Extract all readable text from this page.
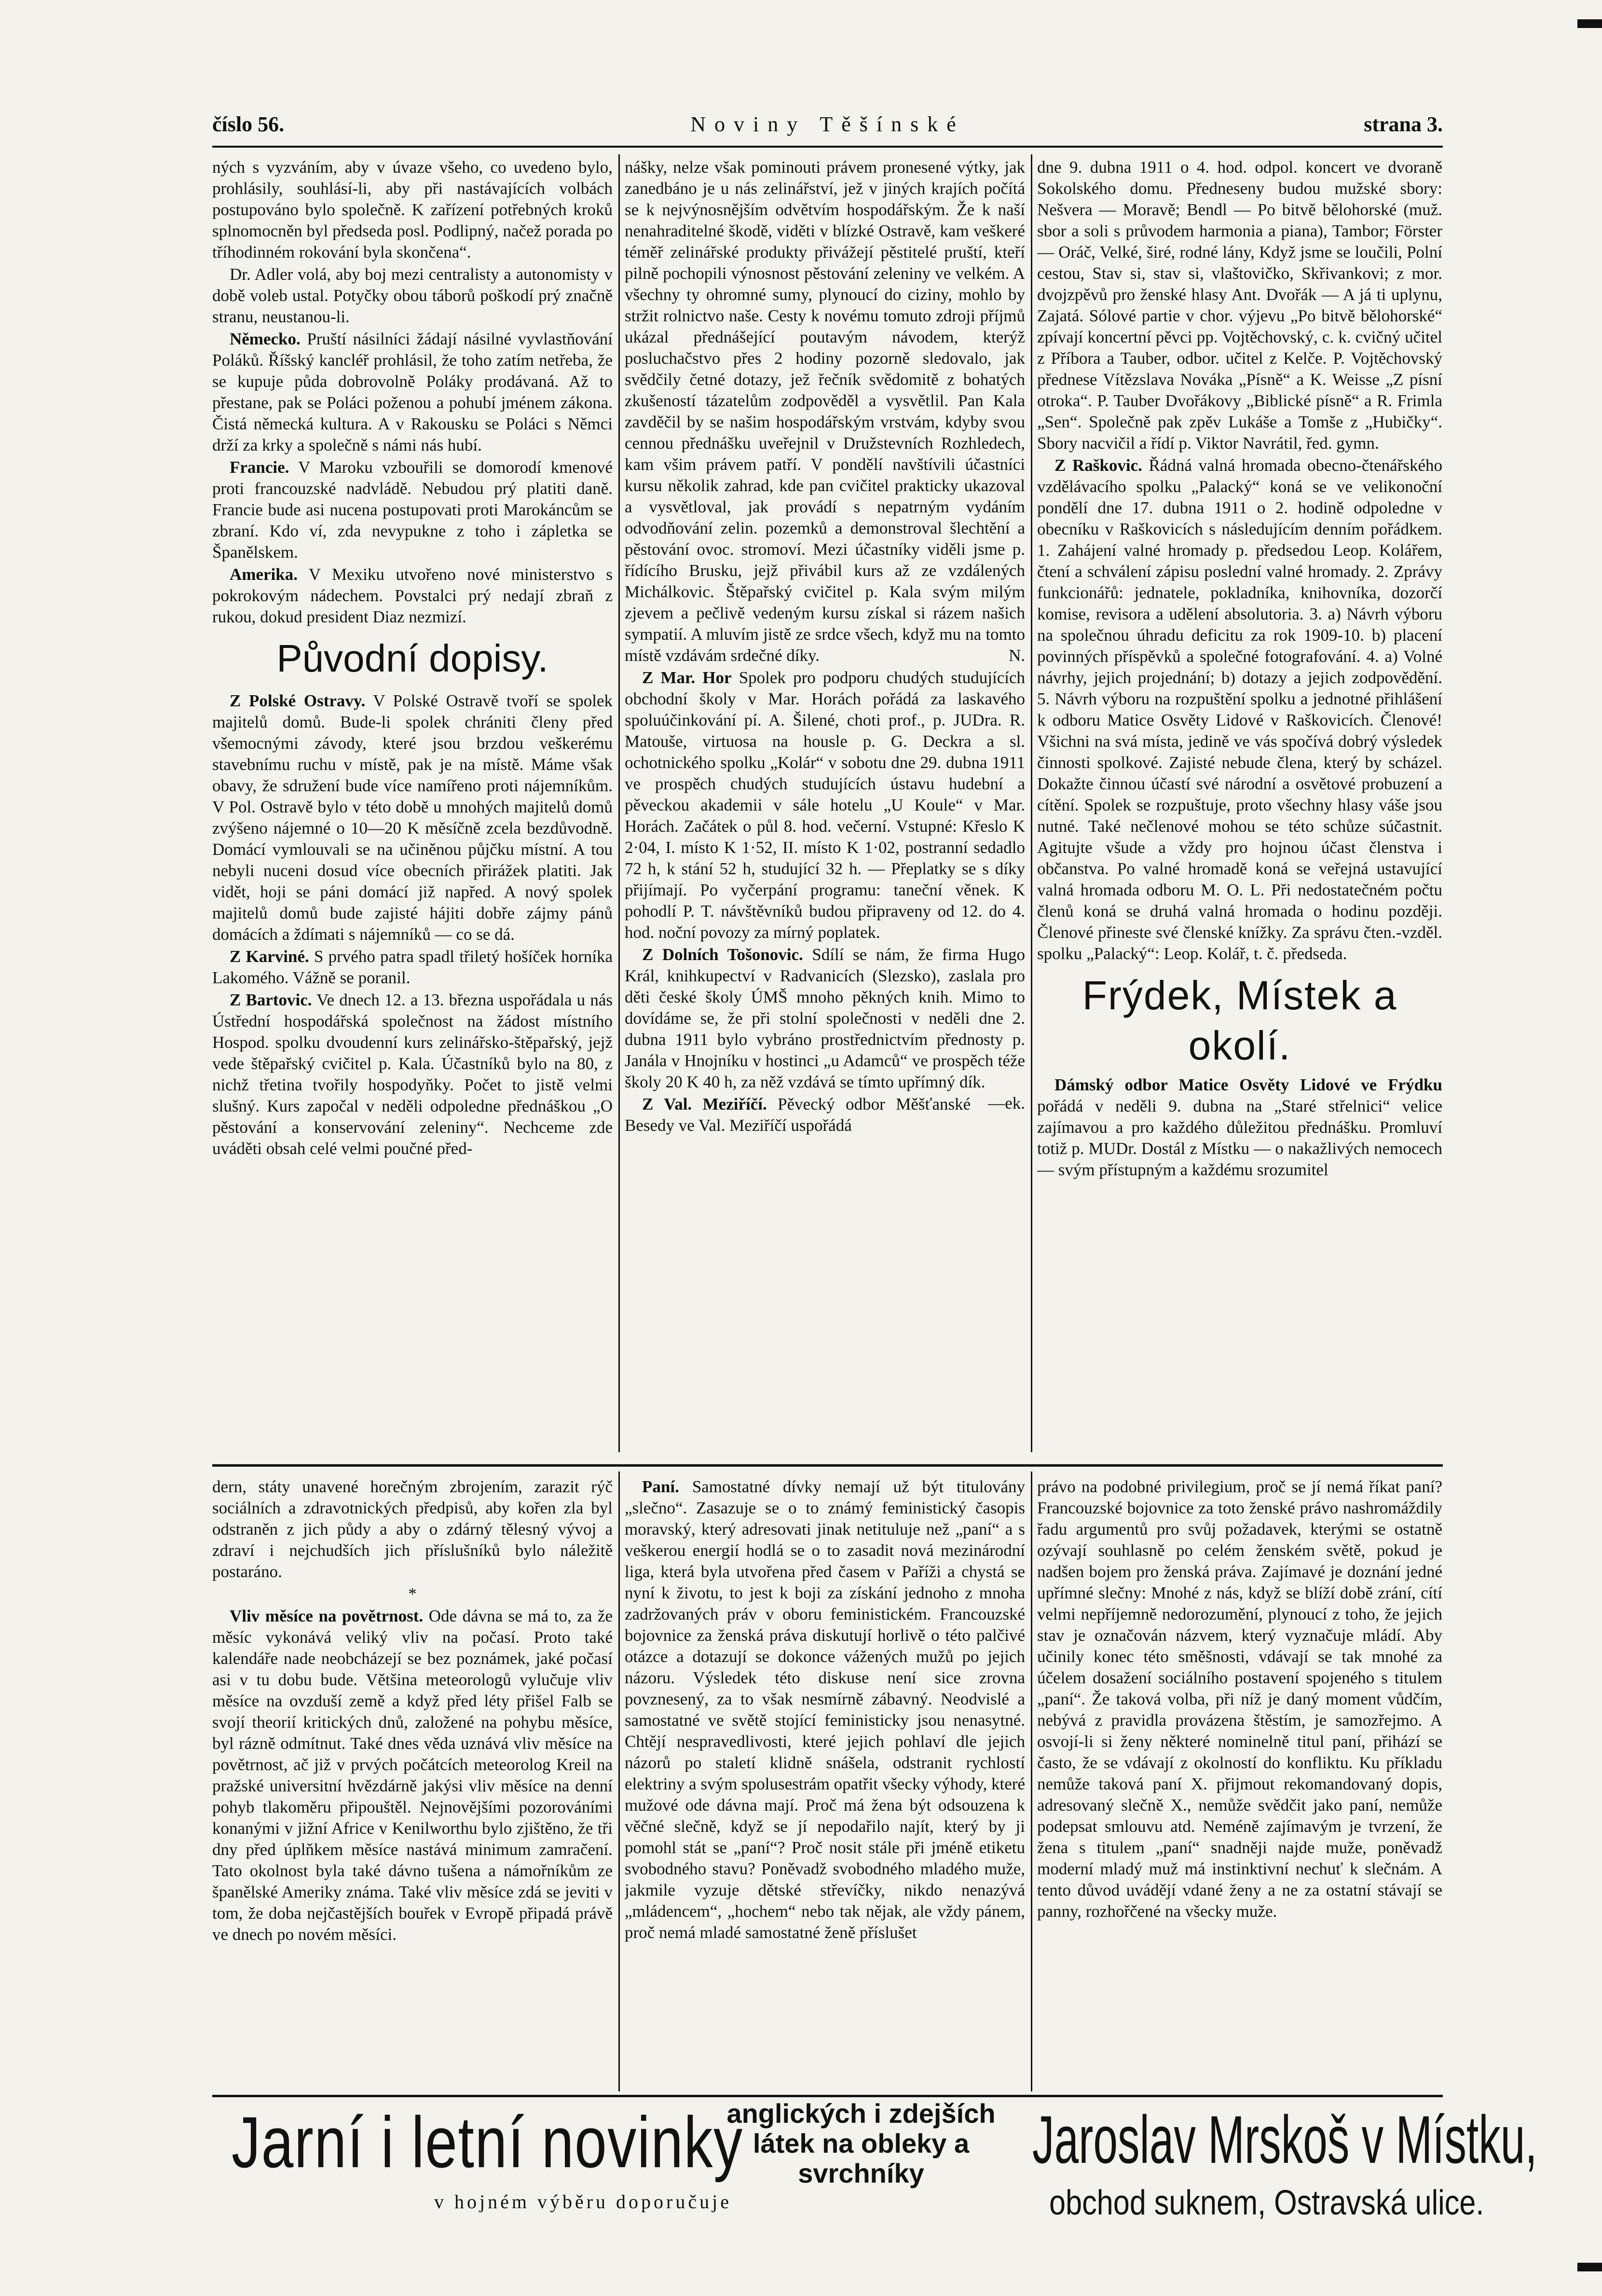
číslo 56.	Noviny Těšínské	strana 3.

ných s vyzváním, aby v úvaze všeho, co uvedeno bylo, prohlásily, souhlásí-li, aby při nastávajících volbách postupováno bylo společně. K zařízení potřebných kroků splnomocněn byl předseda posl. Podlipný, načež porada po tříhodinném rokování byla skončena“.

Dr. Adler volá, aby boj mezi centralisty a autonomisty v době voleb ustal. Potyčky obou táborů poškodí prý značně stranu, neustanou-li.

Německo. Pruští násilníci žádají násilné vyvlastňování Poláků. Říšský kancléř prohlásil, že toho zatím netřeba, že se kupuje půda dobrovolně Poláky prodávaná. Až to přestane, pak se Poláci poženou a pohubí jménem zákona. Čistá německá kultura. A v Rakousku se Poláci s Němci drží za krky a společně s námi nás hubí.

Francie. V Maroku vzbouřili se domorodí kmenové proti francouzské nadvládě. Nebudou prý platiti daně. Francie bude asi nucena postupovati proti Marokáncům se zbraní. Kdo ví, zda nevypukne z toho i zápletka se Španělskem.

Amerika. V Mexiku utvořeno nové ministerstvo s pokrokovým nádechem. Povstalci prý nedají zbraň z rukou, dokud president Diaz nezmizí.

Původní dopisy.

Z Polské Ostravy. V Polské Ostravě tvoří se spolek majitelů domů. Bude-li spolek chrániti členy před všemocnými závody, které jsou brzdou veškerému stavebnímu ruchu v místě, pak je na místě. Máme však obavy, že sdružení bude více namířeno proti nájemníkům. V Pol. Ostravě bylo v této době u mnohých majitelů domů zvýšeno nájemné o 10—20 K měsíčně zcela bezdůvodně. Domácí vymlouvali se na učiněnou půjčku místní. A tou nebyli nuceni dosud více obecních přirážek platiti. Jak vidět, hoji se páni domácí již napřed. A nový spolek majitelů domů bude zajisté hájiti dobře zájmy pánů domácích a ždímati s nájemníků — co se dá.

Z Karviné. S prvého patra spadl třiletý hošíček horníka Lakomého. Vážně se poranil.

Z Bartovic. Ve dnech 12. a 13. března uspořádala u nás Ústřední hospodářská společnost na žádost místního Hospod. spolku dvoudenní kurs zelinářsko-štěpařský, jejž vede štěpařský cvičitel p. Kala. Účastníků bylo na 80, z nichž třetina tvořily hospodyňky. Počet to jistě velmi slušný. Kurs započal v neděli odpoledne přednáškou „O pěstování a konservování zeleniny“. Nechceme zde uváděti obsah celé velmi poučné před-

nášky, nelze však pominouti právem pronesené výtky, jak zanedbáno je u nás zelinářství, jež v jiných krajích počítá se k nejvýnosnějším odvětvím hospodářským. Že k naší nenahraditelné škodě, viděti v blízké Ostravě, kam veškeré téměř zelinářské produkty přivážejí pěstitelé pruští, kteří pilně pochopili výnosnost pěstování zeleniny ve velkém. A všechny ty ohromné sumy, plynoucí do ciziny, mohlo by stržit rolnictvo naše. Cesty k novému tomuto zdroji příjmů ukázal přednášející poutavým návodem, kterýž posluchačstvo přes 2 hodiny pozorně sledovalo, jak svědčily četné dotazy, jež řečník svědomitě z bohatých zkušeností tázatelům zodpověděl a vysvětlil. Pan Kala zavděčil by se našim hospodářským vrstvám, kdyby svou cennou přednášku uveřejnil v Družstevních Rozhledech, kam všim právem patří. V pondělí navštívili účastníci kursu několik zahrad, kde pan cvičitel prakticky ukazoval a vysvětloval, jak provádí s nepatrným vydáním odvodňování zelin. pozemků a demonstroval šlechtění a pěstování ovoc. stromoví. Mezi účastníky viděli jsme p. řídícího Brusku, jejž přivábil kurs až ze vzdálených Michálkovic. Štěpařský cvičitel p. Kala svým milým zjevem a pečlivě vedeným kursu získal si rázem našich sympatií. A mluvím jistě ze srdce všech, když mu na tomto místě vzdávám srdečné díky.	N.

Z Mar. Hor Spolek pro podporu chudých studujících obchodní školy v Mar. Horách pořádá za laskavého spoluúčinkování pí. A. Šilené, choti prof., p. JUDra. R. Matouše, virtuosa na housle p. G. Deckra a sl. ochotnického spolku „Kolár“ v sobotu dne 29. dubna 1911 ve prospěch chudých studujících ústavu hudební a pěveckou akademii v sále hotelu „U Koule“ v Mar. Horách. Začátek o půl 8. hod. večerní. Vstupné: Křeslo K 2·04, I. místo K 1·52, II. místo K 1·02, postranní sedadlo 72 h, k stání 52 h, studující 32 h. — Přeplatky se s díky přijímají. Po vyčerpání programu: taneční věnek. K pohodlí P. T. návštěvníků budou připraveny od 12. do 4. hod. noční povozy za mírný poplatek.

Z Dolních Tošonovic. Sdílí se nám, že firma Hugo Král, knihkupectví v Radvanicích (Slezsko), zaslala pro děti české školy ÚMŠ mnoho pěkných knih. Mimo to dovídáme se, že při stolní společnosti v neděli dne 2. dubna 1911 bylo vybráno prostřednictvím přednosty p. Janála v Hnojníku v hostinci „u Adamců“ ve prospěch téže školy 20 K 40 h, za něž vzdává se tímto upřímný dík.
—ek.

Z Val. Meziříčí. Pěvecký odbor Měšťanské Besedy ve Val. Meziříčí uspořádá

dne 9. dubna 1911 o 4. hod. odpol. koncert ve dvoraně Sokolského domu. Předneseny budou mužské sbory: Nešvera — Moravě; Bendl — Po bitvě bělohorské (muž. sbor a soli s průvodem harmonia a piana), Tambor; Förster — Oráč, Velké, širé, rodné lány, Když jsme se loučili, Polní cestou, Stav si, stav si, vlaštovičko, Skřivankovi; z mor. dvojzpěvů pro ženské hlasy Ant. Dvořák — A já ti uplynu, Zajatá. Sólové partie v chor. výjevu „Po bitvě bělohorské“ zpívají koncertní pěvci pp. Vojtěchovský, c. k. cvičný učitel z Příbora a Tauber, odbor. učitel z Kelče. P. Vojtěchovský přednese Vítězslava Nováka „Písně“ a K. Weisse „Z písní otroka“. P. Tauber Dvořákovy „Biblické písně“ a R. Frimla „Sen“. Společně pak zpěv Lukáše a Tomše z „Hubičky“. Sbory nacvičil a řídí p. Viktor Navrátil, řed. gymn.

Z Raškovic. Řádná valná hromada obecno-čtenářského vzdělávacího spolku „Palacký“ koná se ve velikonoční pondělí dne 17. dubna 1911 o 2. hodině odpoledne v obecníku v Raškovicích s následujícím denním pořádkem. 1. Zahájení valné hromady p. předsedou Leop. Kolářem, čtení a schválení zápisu poslední valné hromady. 2. Zprávy funkcionářů: jednatele, pokladníka, knihovníka, dozorčí komise, revisora a udělení absolutoria. 3. a) Návrh výboru na společnou úhradu deficitu za rok 1909-10. b) placení povinných příspěvků a společné fotografování. 4. a) Volné návrhy, jejich projednání; b) dotazy a jejich zodpovědění. 5. Návrh výboru na rozpuštění spolku a jednotné přihlášení k odboru Matice Osvěty Lidové v Raškovicích. Členové! Všichni na svá místa, jedině ve vás spočívá dobrý výsledek činnosti spolkové. Zajisté nebude člena, který by scházel. Dokažte činnou účastí své národní a osvětové probuzení a cítění. Spolek se rozpuštuje, proto všechny hlasy váše jsou nutné. Také nečlenové mohou se této schůze súčastnit. Agitujte všude a vždy pro hojnou účast členstva i občanstva. Po valné hromadě koná se veřejná ustavující valná hromada odboru M. O. L. Při nedostatečném počtu členů koná se druhá valná hromada o hodinu později. Členové přineste své členské knížky. Za správu čten.-vzděl. spolku „Palacký“: Leop. Kolář, t. č. předseda.

Frýdek, Místek a okolí.

Dámský odbor Matice Osvěty Lidové ve Frýdku pořádá v neděli 9. dubna na „Staré střelnici“ velice zajímavou a pro každého důležitou přednášku. Promluví totiž p. MUDr. Dostál z Místku — o nakažlivých nemocech — svým přístupným a každému srozumitel

dern, státy unavené horečným zbrojením, zarazit rýč sociálních a zdravotnických předpisů, aby kořen zla byl odstraněn z jich půdy a aby o zdárný tělesný vývoj a zdraví i nejchudších jich příslušníků bylo náležitě postaráno.

*

Vliv měsíce na povětrnost. Ode dávna se má to, za že měsíc vykonává veliký vliv na počasí. Proto také kalendáře nade neobcházejí se bez poznámek, jaké počasí asi v tu dobu bude. Většina meteorologů vylučuje vliv měsíce na ovzduší země a když před léty přišel Falb se svojí theorií kritických dnů, založené na pohybu měsíce, byl rázně odmítnut. Také dnes věda uznává vliv měsíce na povětrnost, ač již v prvých počátcích meteorolog Kreil na pražské universitní hvězdárně jakýsi vliv měsíce na denní pohyb tlakoměru připouštěl. Nejnovějšími pozorováními konanými v jižní Africe v Kenilworthu bylo zjištěno, že tři dny před úplňkem měsíce nastává minimum zamračení. Tato okolnost byla také dávno tušena a námořníkům ze španělské Ameriky známa. Také vliv měsíce zdá se jeviti v tom, že doba nejčastějších bouřek v Evropě připadá právě ve dnech po novém měsíci.

Paní. Samostatné dívky nemají už být titulovány „slečno“. Zasazuje se o to známý feministický časopis moravský, který adresovati jinak netituluje než „paní“ a s veškerou energií hodlá se o to zasadit nová mezinárodní liga, která byla utvořena před časem v Paříži a chystá se nyní k životu, to jest k boji za získání jednoho z mnoha zadržovaných práv v oboru feministickém. Francouzské bojovnice za ženská práva diskutují horlivě o této palčivé otázce a dotazují se dokonce vážených mužů po jejich názoru. Výsledek této diskuse není sice zrovna povznesený, za to však nesmírně zábavný. Neodvislé a samostatné ve světě stojící feministicky jsou nenasytné. Chtějí nespravedlivosti, které jejich pohlaví dle jejich názorů po staletí klidně snášela, odstranit rychlostí elektriny a svým spolusestrám opatřit všecky výhody, které mužové ode dávna mají. Proč má žena být odsouzena k věčné slečně, když se jí nepodařilo najít, který by ji pomohl stát se „paní“? Proč nosit stále při jméně etiketu svobodného stavu? Poněvadž svobodného mladého muže, jakmile vyzuje dětské střevíčky, nikdo nenazývá „mládencem“, „hochem“ nebo tak nějak, ale vždy pánem, proč nemá mladé samostatné ženě příslušet

právo na podobné privilegium, proč se jí nemá říkat paní? Francouzské bojovnice za toto ženské právo nashromáždily řadu argumentů pro svůj požadavek, kterými se ostatně ozývají souhlasně po celém ženském světě, pokud je nadšen bojem pro ženská práva. Zajímavé je doznání jedné upřímné slečny: Mnohé z nás, když se blíží době zrání, cítí velmi nepříjemně nedorozumění, plynoucí z toho, že jejich stav je označován názvem, který vyznačuje mládí. Aby učinily konec této směšnosti, vdávají se tak mnohé za účelem dosažení sociálního postavení spojeného s titulem „paní“. Že taková volba, při níž je daný moment vůdčím, nebývá z pravidla provázena štěstím, je samozřejmo. A osvojí-li si ženy některé nominelně titul paní, přihází se často, že se vdávají z okolností do konfliktu. Ku příkladu nemůže taková paní X. přijmout rekomandovaný dopis, adresovaný slečně X., nemůže svědčit jako paní, nemůže podepsat smlouvu atd. Neméně zajímavým je tvrzení, že žena s titulem „paní“ snadněji najde muže, poněvadž moderní mladý muž má instinktivní nechuť k slečnám. A tento důvod uvádějí vdané ženy a ne za ostatní stávají se panny, rozhořčené na všecky muže.

Jarní i letní novinky
v hojném výběru doporučuje
anglických i zdejších látek na obleky a svrchníky	Jaroslav Mrskoš v Místku,
obchod suknem, Ostravská ulice.
